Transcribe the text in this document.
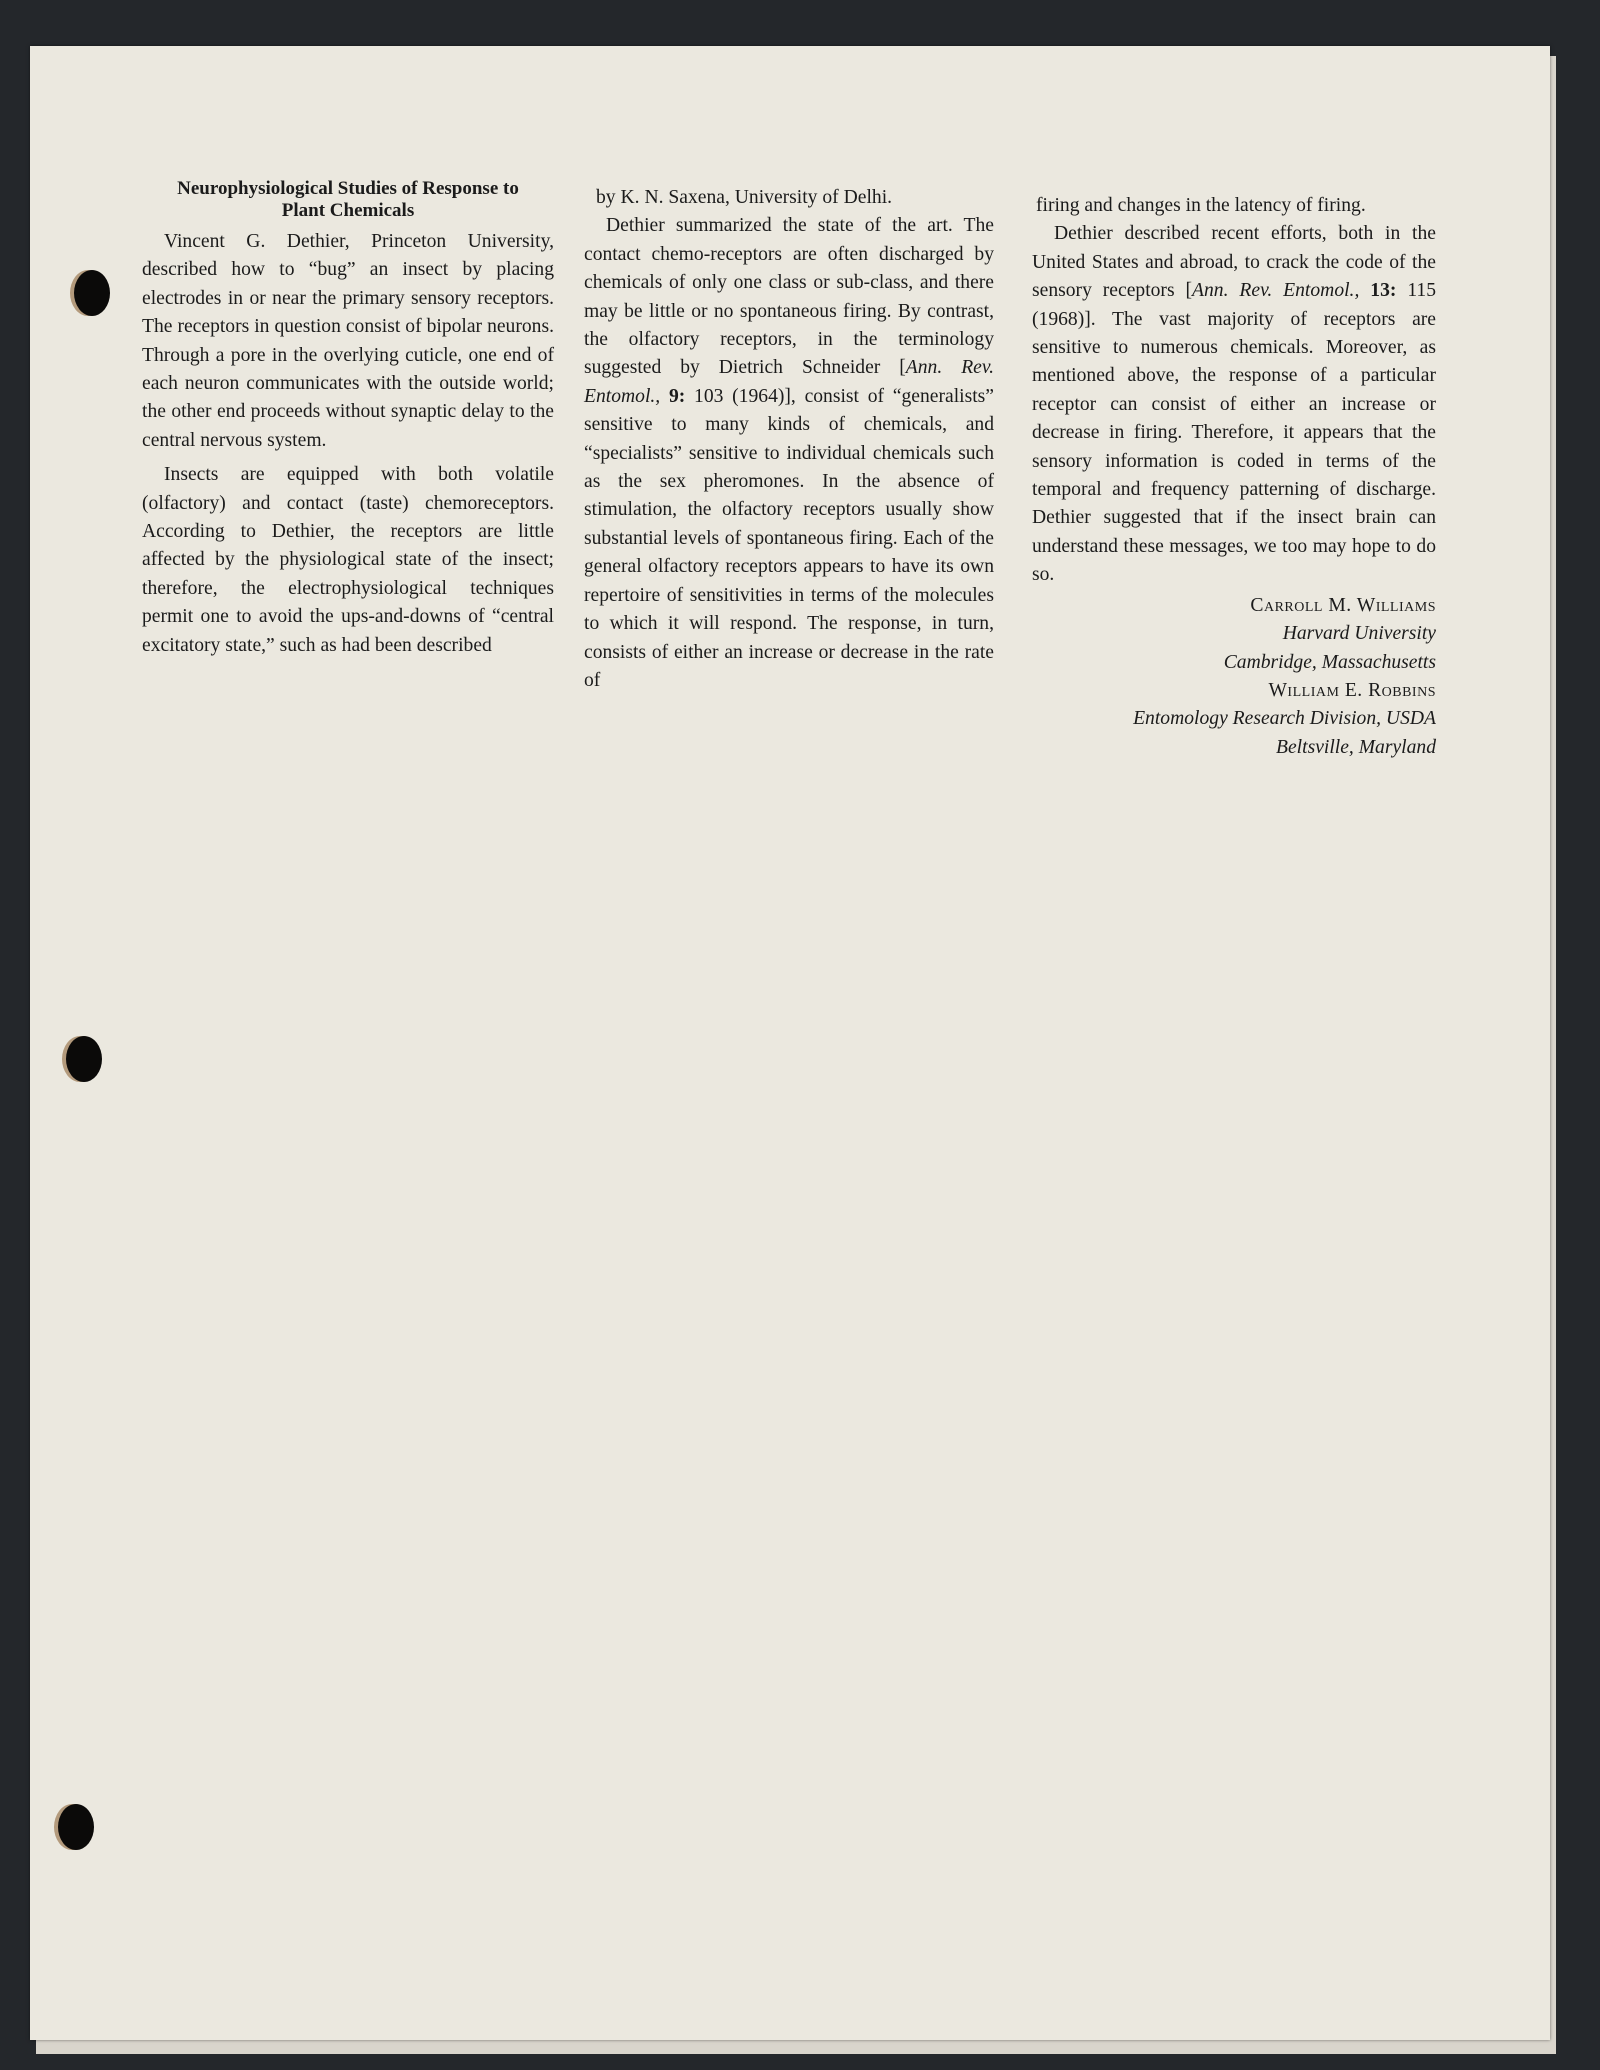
Neurophysiological Studies of Response to
Plant Chemicals

Vincent G. Dethier, Princeton University, described how to “bug” an insect by placing electrodes in or near the primary sensory receptors. The receptors in question consist of bipolar neurons. Through a pore in the overlying cuticle, one end of each neuron communicates with the outside world; the other end proceeds without synaptic delay to the central nervous system.

Insects are equipped with both volatile (olfactory) and contact (taste) chemoreceptors. According to Dethier, the receptors are little affected by the physiological state of the insect; therefore, the electrophysiological techniques permit one to avoid the ups-and-downs of “central excitatory state,” such as had been described

by K. N. Saxena, University of Delhi.

Dethier summarized the state of the art. The contact chemo-receptors are often discharged by chemicals of only one class or sub-class, and there may be little or no spontaneous firing. By contrast, the olfactory receptors, in the terminology suggested by Dietrich Schneider [Ann. Rev. Entomol., 9: 103 (1964)], consist of “generalists” sensitive to many kinds of chemicals, and “specialists” sensitive to individual chemicals such as the sex pheromones. In the absence of stimulation, the olfactory receptors usually show substantial levels of spontaneous firing. Each of the general olfactory receptors appears to have its own repertoire of sensitivities in terms of the molecules to which it will respond. The response, in turn, consists of either an increase or decrease in the rate of

firing and changes in the latency of firing.

Dethier described recent efforts, both in the United States and abroad, to crack the code of the sensory receptors [Ann. Rev. Entomol., 13: 115 (1968)]. The vast majority of receptors are sensitive to numerous chemicals. Moreover, as mentioned above, the response of a particular receptor can consist of either an increase or decrease in firing. Therefore, it appears that the sensory information is coded in terms of the temporal and frequency patterning of discharge. Dethier suggested that if the insect brain can understand these messages, we too may hope to do so.

Carroll M. Williams
Harvard University
Cambridge, Massachusetts
William E. Robbins
Entomology Research Division, USDA
Beltsville, Maryland
